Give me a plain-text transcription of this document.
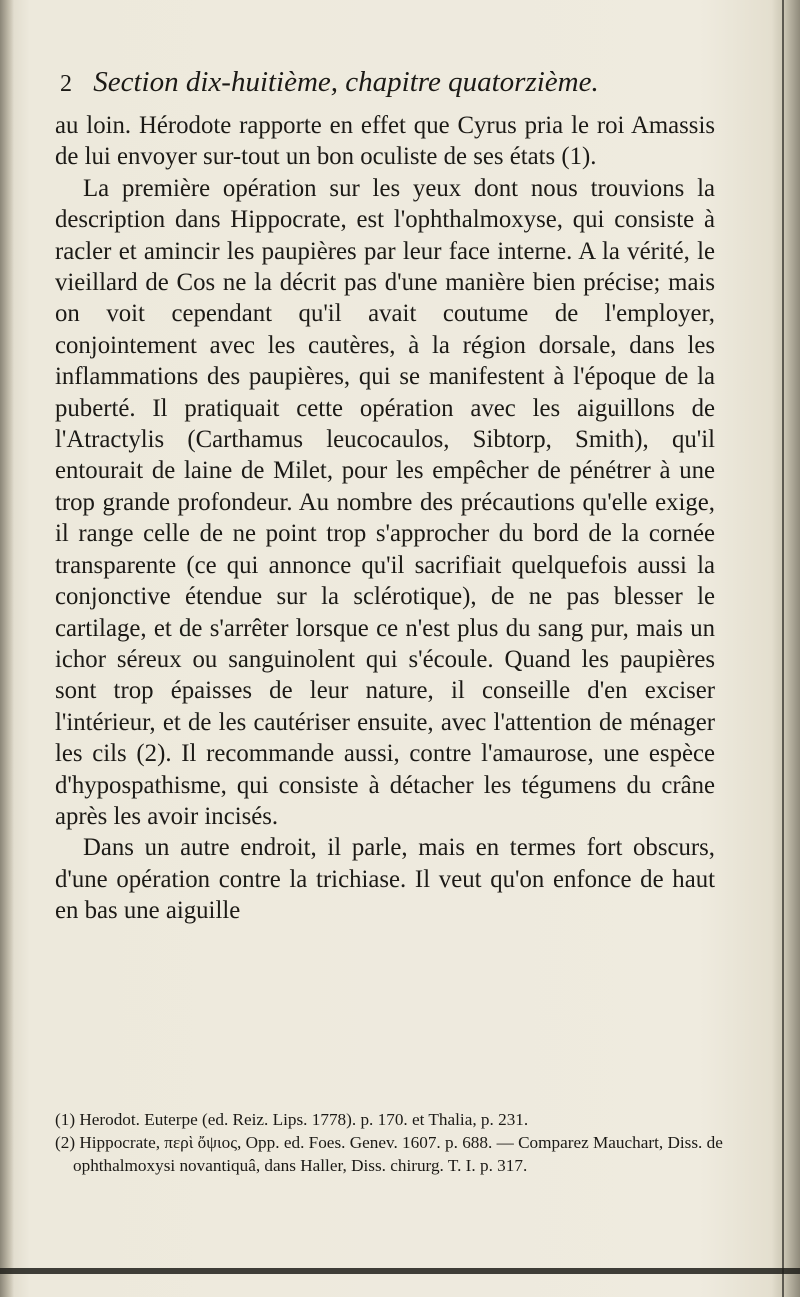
2 Section dix-huitième, chapitre quatorzième.

au loin. Hérodote rapporte en effet que Cyrus pria le roi Amassis de lui envoyer sur-tout un bon oculiste de ses états (1).

La première opération sur les yeux dont nous trouvions la description dans Hippocrate, est l'ophthalmoxyse, qui consiste à racler et amincir les paupières par leur face interne. A la vérité, le vieillard de Cos ne la décrit pas d'une manière bien précise; mais on voit cependant qu'il avait coutume de l'employer, conjointement avec les cautères, à la région dorsale, dans les inflammations des paupières, qui se manifestent à l'époque de la puberté. Il pratiquait cette opération avec les aiguillons de l'Atractylis (Carthamus leucocaulos, Sibtorp, Smith), qu'il entourait de laine de Milet, pour les empêcher de pénétrer à une trop grande profondeur. Au nombre des précautions qu'elle exige, il range celle de ne point trop s'approcher du bord de la cornée transparente (ce qui annonce qu'il sacrifiait quelquefois aussi la conjonctive étendue sur la sclérotique), de ne pas blesser le cartilage, et de s'arrêter lorsque ce n'est plus du sang pur, mais un ichor séreux ou sanguinolent qui s'écoule. Quand les paupières sont trop épaisses de leur nature, il conseille d'en exciser l'intérieur, et de les cautériser ensuite, avec l'attention de ménager les cils (2). Il recommande aussi, contre l'amaurose, une espèce d'hypospathisme, qui consiste à détacher les tégumens du crâne après les avoir incisés.

Dans un autre endroit, il parle, mais en termes fort obscurs, d'une opération contre la trichiase. Il veut qu'on enfonce de haut en bas une aiguille

(1) Herodot. Euterpe (ed. Reiz. Lips. 1778). p. 170. et Thalia, p. 231.

(2) Hippocrate, περὶ ὄψιος, Opp. ed. Foes. Genev. 1607. p. 688. — Comparez Mauchart, Diss. de ophthalmoxysi novantiquâ, dans Haller, Diss. chirurg. T. I. p. 317.
